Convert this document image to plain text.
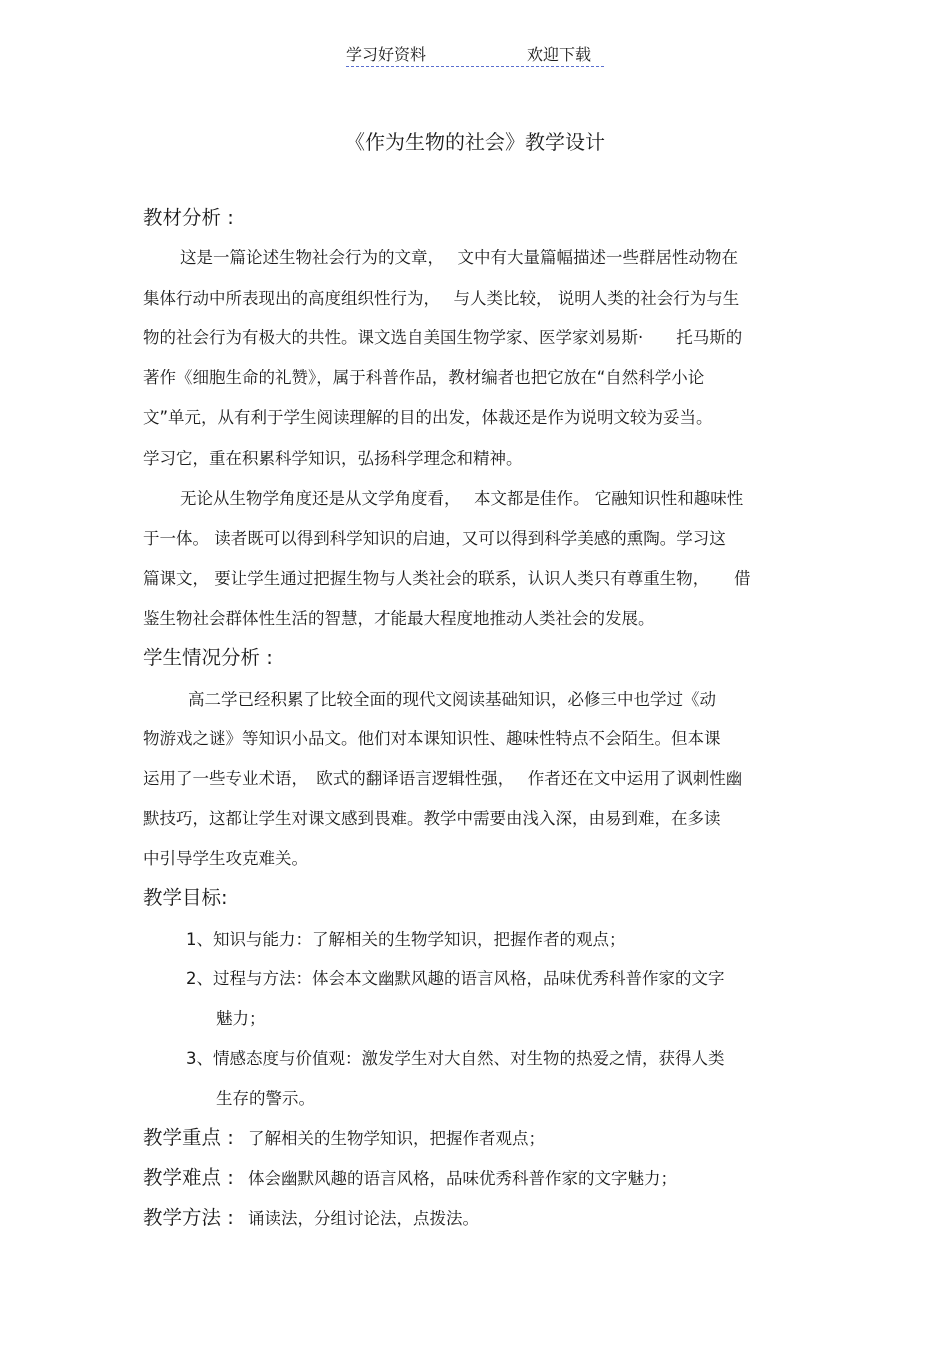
学习好资料	欢迎下载
《作为生物的社会》教学设计
教材分析 :
这是一篇论述生物社会行为的文章，　 文中有大量篇幅描述一些群居性动物在
集体行动中所表现出的高度组织性行为，　 与人类比较， 说明人类的社会行为与生
物的社会行为有极大的共性。课文选自美国生物学家、医学家刘易斯·　　托马斯的
著作《细胞生命的礼赞》，属于科普作品，教材编者也把它放在“自然科学小论
文”单元，从有利于学生阅读理解的目的出发，体裁还是作为说明文较为妥当。
学习它，重在积累科学知识，弘扬科学理念和精神。
无论从生物学角度还是从文学角度看，　 本文都是佳作。 它融知识性和趣味性
于一体。 读者既可以得到科学知识的启迪，又可以得到科学美感的熏陶。学习这
篇课文， 要让学生通过把握生物与人类社会的联系，认识人类只有尊重生物，　　借
鉴生物社会群体性生活的智慧，才能最大程度地推动人类社会的发展。
学生情况分析 :
高二学已经积累了比较全面的现代文阅读基础知识，必修三中也学过《动
物游戏之谜》等知识小品文。他们对本课知识性、趣味性特点不会陌生。但本课
运用了一些专业术语，　欧式的翻译语言逻辑性强，　 作者还在文中运用了讽刺性幽
默技巧，这都让学生对课文感到畏难。教学中需要由浅入深，由易到难，在多读
中引导学生攻克难关。
教学目标:
1、知识与能力：了解相关的生物学知识，把握作者的观点；
2、过程与方法：体会本文幽默风趣的语言风格，品味优秀科普作家的文字
魅力；
3、情感态度与价值观：激发学生对大自然、对生物的热爱之情，获得人类
生存的警示。
教学重点 : 了解相关的生物学知识，把握作者观点；
教学难点 : 体会幽默风趣的语言风格，品味优秀科普作家的文字魅力；
教学方法 : 诵读法，分组讨论法，点拨法。
